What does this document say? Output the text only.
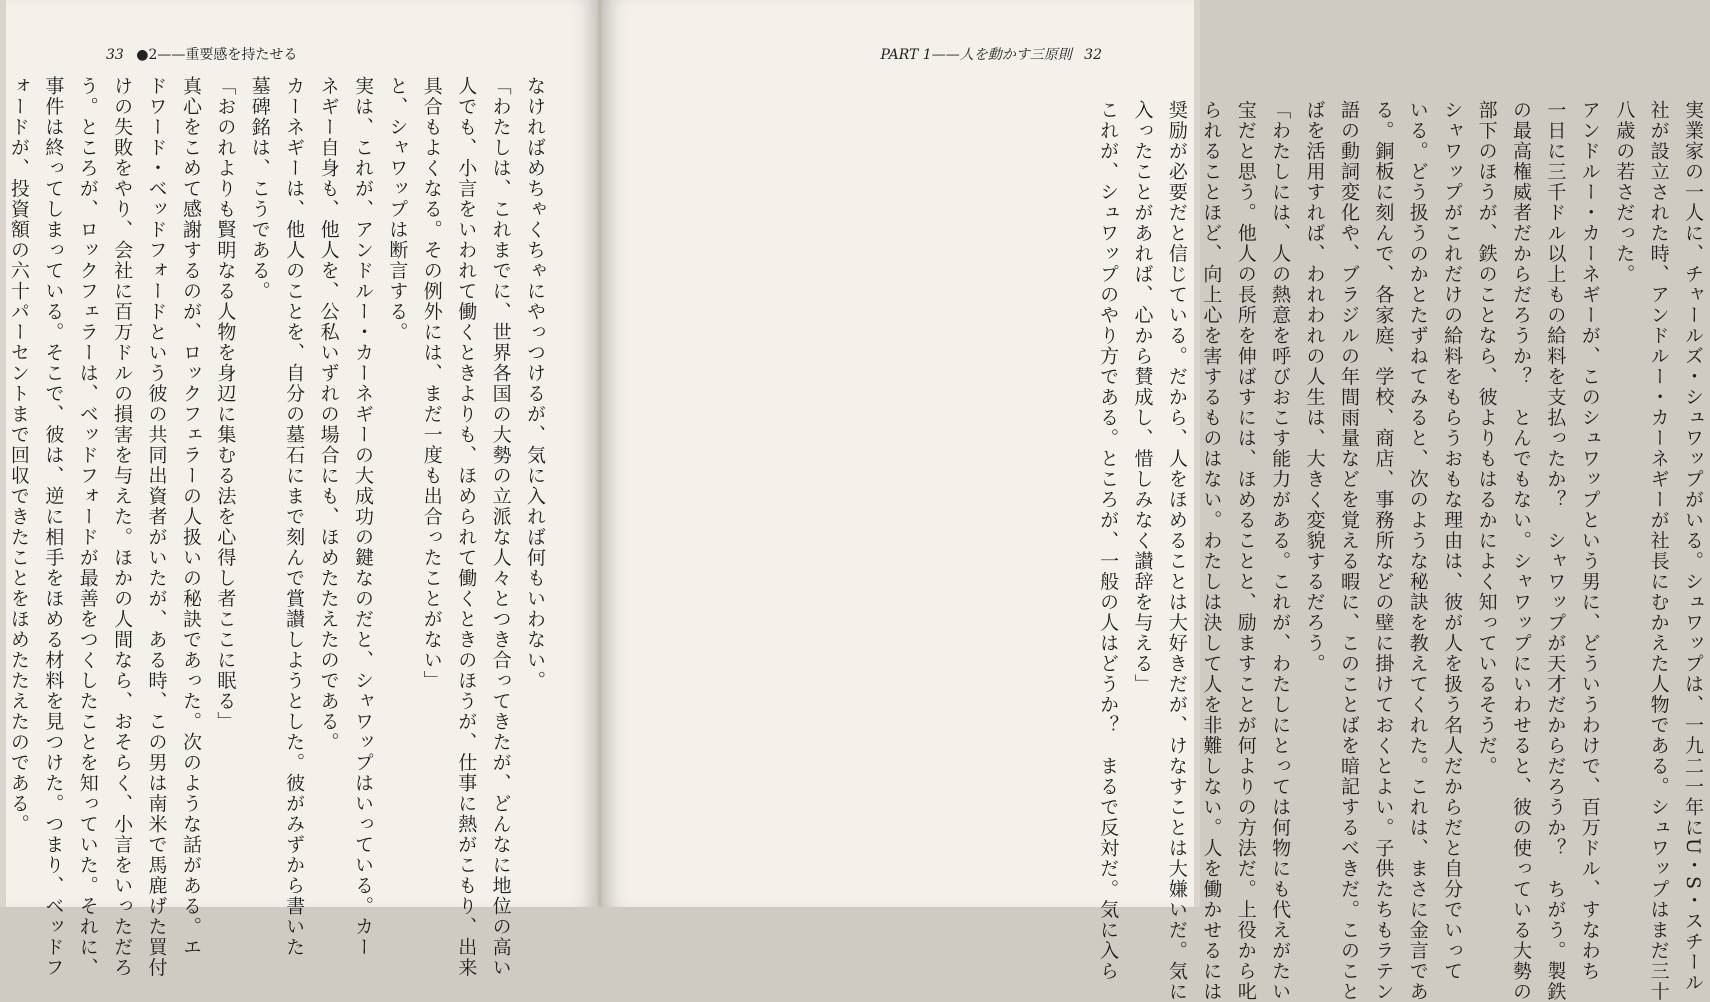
33 ●2——重要感を持たせる
なければめちゃくちゃにやっつけるが、気に入れば何もいわない。
「わたしは、これまでに、世界各国の大勢の立派な人々とつき合ってきたが、どんなに地位の高い
人でも、小言をいわれて働くときよりも、ほめられて働くときのほうが、仕事に熱がこもり、出来
具合もよくなる。その例外には、まだ一度も出合ったことがない」
と、シャワップは断言する。
実は、これが、アンドルー・カーネギーの大成功の鍵なのだと、シャワップはいっている。カー
ネギー自身も、他人を、公私いずれの場合にも、ほめたたえたのである。
カーネギーは、他人のことを、自分の墓石にまで刻んで賞讃しようとした。彼がみずから書いた
墓碑銘は、こうである。
「おのれよりも賢明なる人物を身辺に集むる法を心得し者ここに眠る」
真心をこめて感謝するのが、ロックフェラーの人扱いの秘訣であった。次のような話がある。エ
ドワード・ベッドフォードという彼の共同出資者がいたが、ある時、この男は南米で馬鹿げた買付
けの失敗をやり、会社に百万ドルの損害を与えた。ほかの人間なら、おそらく、小言をいっただろ
う。ところが、ロックフェラーは、ベッドフォードが最善をつくしたことを知っていた。それに、
事件は終ってしまっている。そこで、彼は、逆に相手をほめる材料を見つけた。つまり、ベッドフ
ォードが、投資額の六十パーセントまで回収できたことをほめたたえたのである。
PART 1——人を動かす三原則 32
実業家の一人に、チャールズ・シュワップがいる。シュワップは、一九二一年にU・S・スチール
社が設立された時、アンドルー・カーネギーが社長にむかえた人物である。シュワップはまだ三十
八歳の若さだった。
アンドルー・カーネギーが、このシュワップという男に、どういうわけで、百万ドル、すなわち
一日に三千ドル以上もの給料を支払ったか？　シャワップが天才だからだろうか？　ちがう。製鉄
の最高権威者だからだろうか？　とんでもない。シャワップにいわせると、彼の使っている大勢の
部下のほうが、鉄のことなら、彼よりもはるかによく知っているそうだ。
シャワップがこれだけの給料をもらうおもな理由は、彼が人を扱う名人だからだと自分でいって
いる。どう扱うのかとたずねてみると、次のような秘訣を教えてくれた。これは、まさに金言であ
る。銅板に刻んで、各家庭、学校、商店、事務所などの壁に掛けておくとよい。子供たちもラテン
語の動詞変化や、ブラジルの年間雨量などを覚える暇に、このことばを暗記するべきだ。このこと
ばを活用すれば、われわれの人生は、大きく変貌するだろう。
「わたしには、人の熱意を呼びおこす能力がある。これが、わたしにとっては何物にも代えがたい
宝だと思う。他人の長所を伸ばすには、ほめることと、励ますことが何よりの方法だ。上役から叱
られることほど、向上心を害するものはない。わたしは決して人を非難しない。人を働かせるには
奨励が必要だと信じている。だから、人をほめることは大好きだが、けなすことは大嫌いだ。気に
入ったことがあれば、心から賛成し、惜しみなく讃辞を与える」
これが、シュワップのやり方である。ところが、一般の人はどうか？　まるで反対だ。気に入ら
